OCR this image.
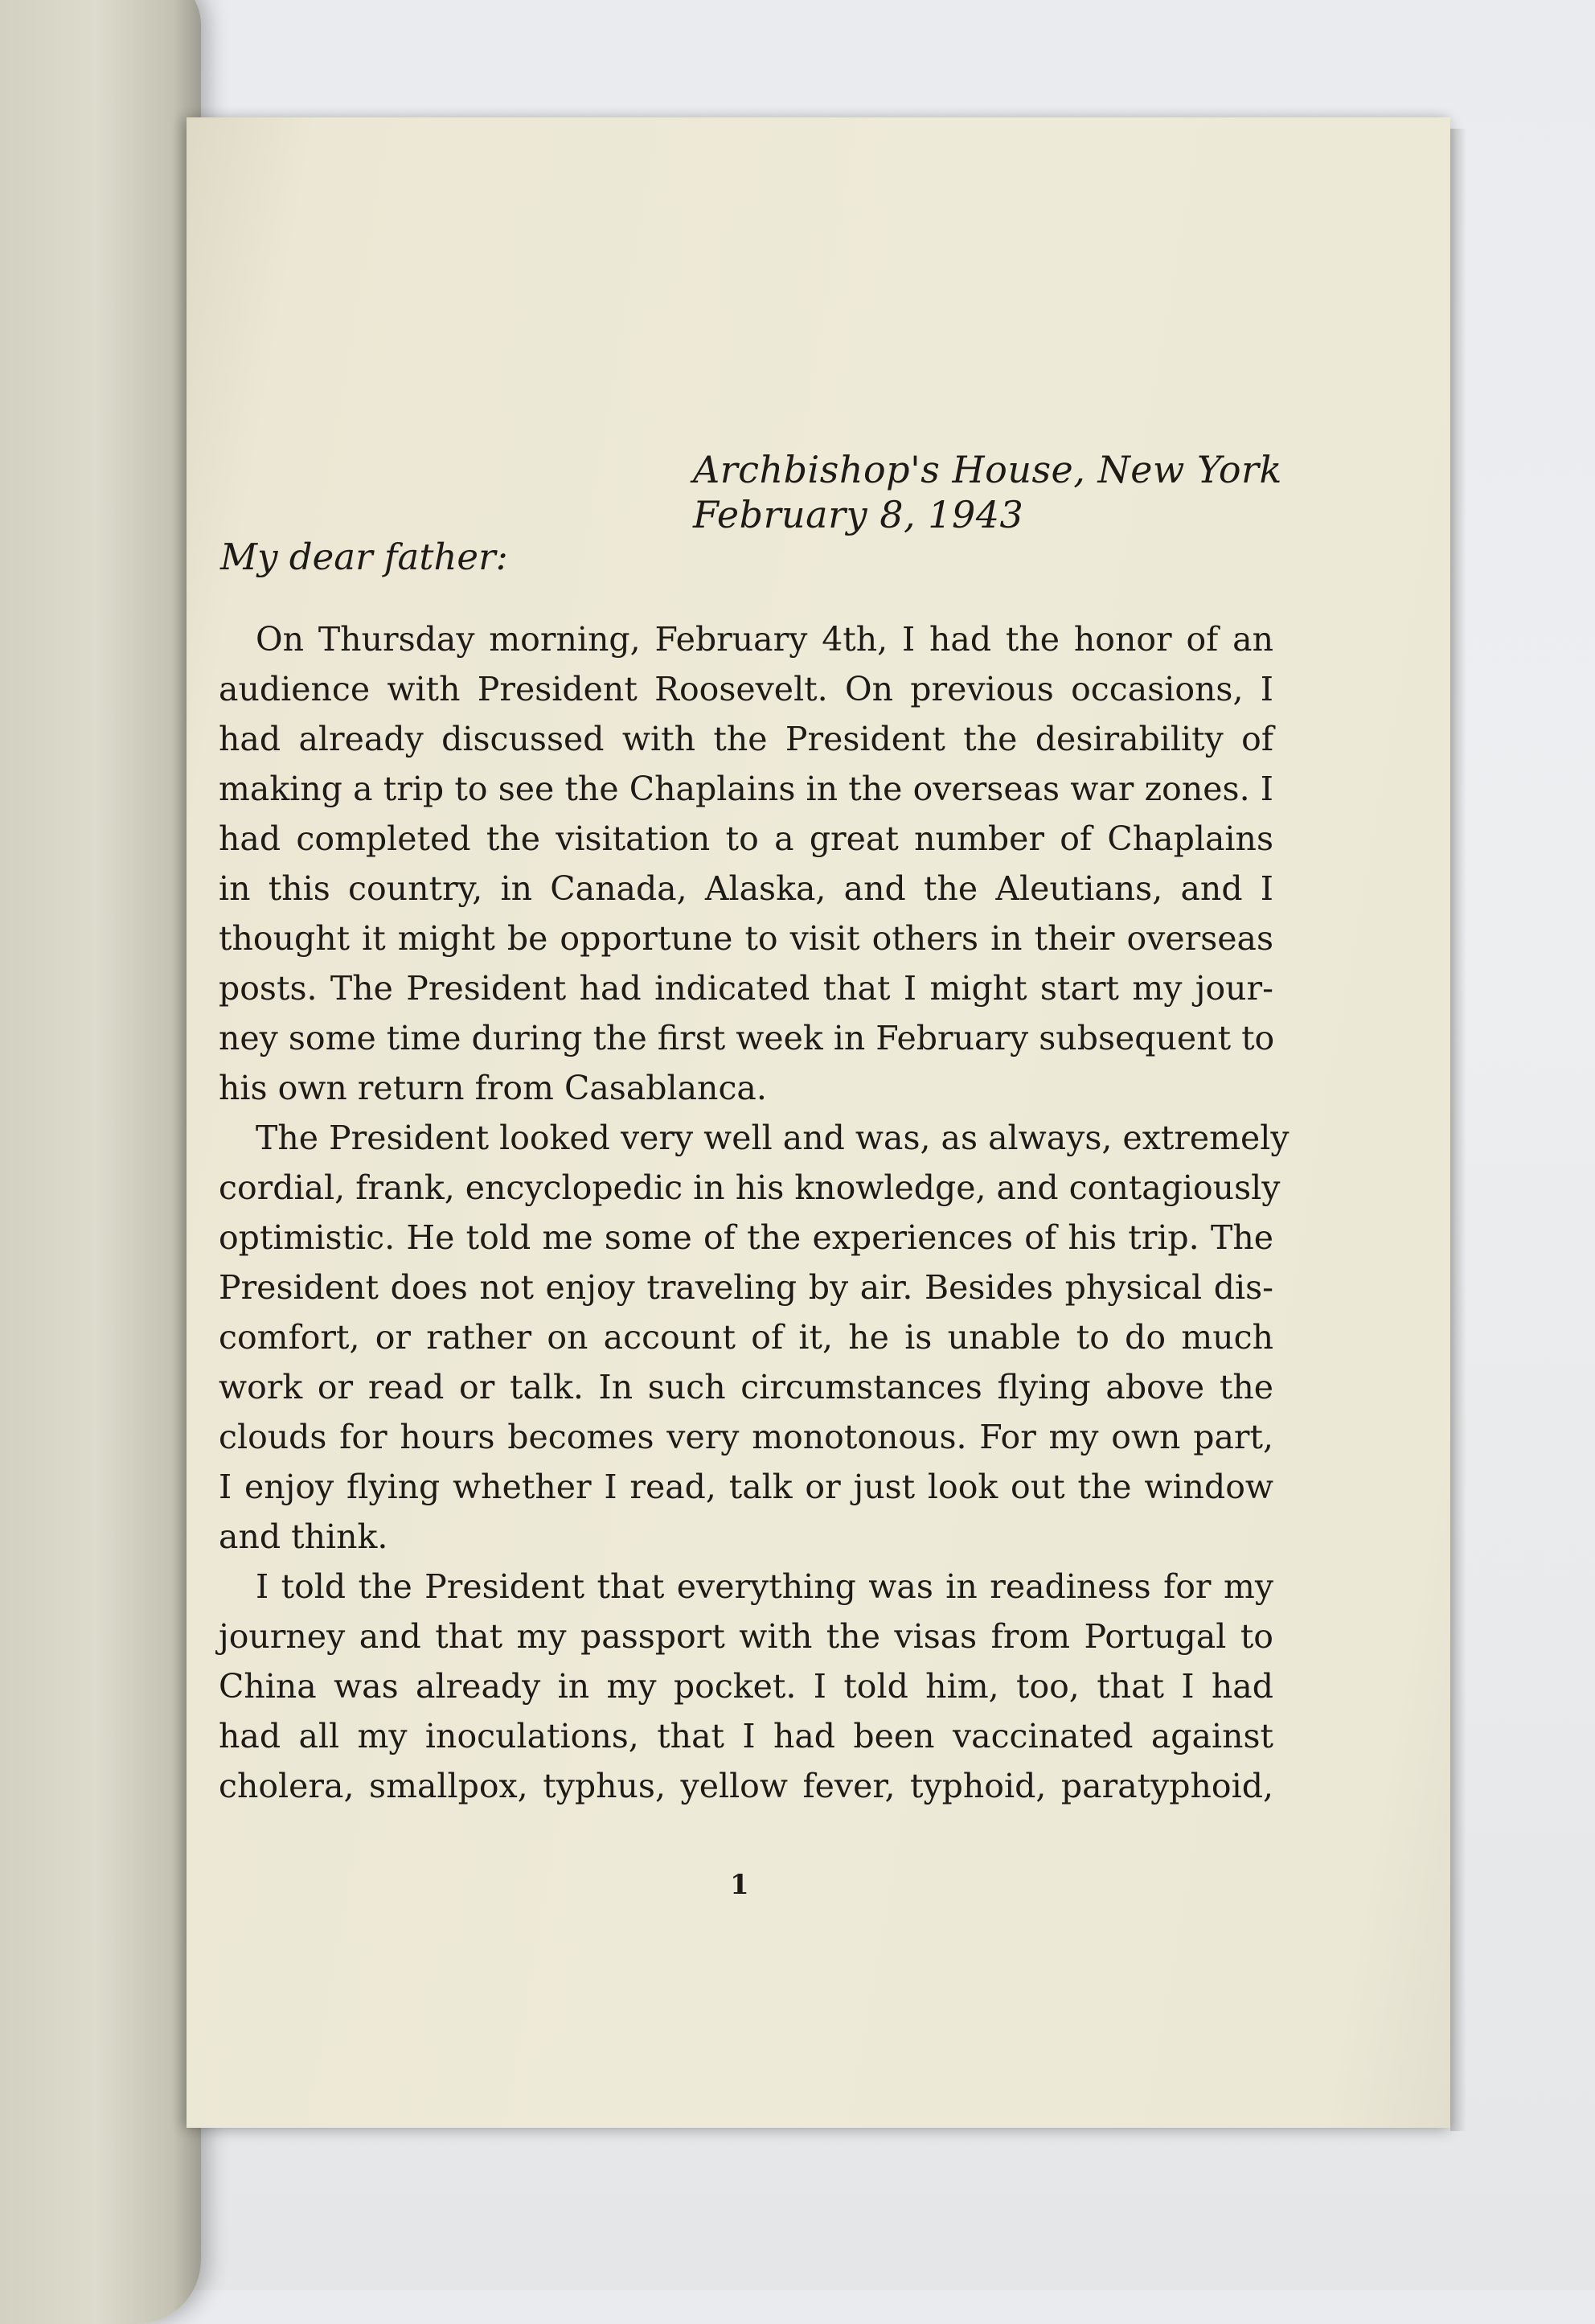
Archbishop's House, New York
February 8, 1943
My dear father:
On Thursday morning, February 4th, I had the honor of an
audience with President Roosevelt. On previous occasions, I
had already discussed with the President the desirability of
making a trip to see the Chaplains in the overseas war zones. I
had completed the visitation to a great number of Chaplains
in this country, in Canada, Alaska, and the Aleutians, and I
thought it might be opportune to visit others in their overseas
posts. The President had indicated that I might start my jour-
ney some time during the first week in February subsequent to
his own return from Casablanca.
The President looked very well and was, as always, extremely
cordial, frank, encyclopedic in his knowledge, and contagiously
optimistic. He told me some of the experiences of his trip. The
President does not enjoy traveling by air. Besides physical dis-
comfort, or rather on account of it, he is unable to do much
work or read or talk. In such circumstances flying above the
clouds for hours becomes very monotonous. For my own part,
I enjoy flying whether I read, talk or just look out the window
and think.
I told the President that everything was in readiness for my
journey and that my passport with the visas from Portugal to
China was already in my pocket. I told him, too, that I had
had all my inoculations, that I had been vaccinated against
cholera, smallpox, typhus, yellow fever, typhoid, paratyphoid,
1
